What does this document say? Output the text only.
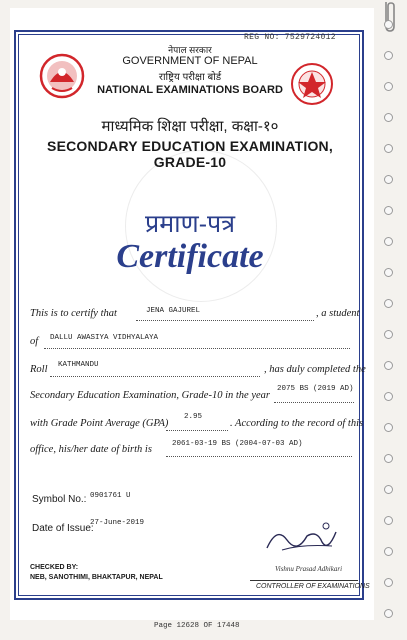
REG NO: 7529724012
नेपाल सरकार
GOVERNMENT OF NEPAL
राष्ट्रिय परीक्षा बोर्ड
NATIONAL EXAMINATIONS BOARD
माध्यमिक शिक्षा परीक्षा, कक्षा-१०
SECONDARY EDUCATION EXAMINATION, GRADE-10
प्रमाण-पत्र
Certificate
This is to certify that	JENA GAJUREL	, a student
of DALLU AWASIYA VIDHYALAYA
Roll KATHMANDU	, has duly completed the
Secondary Education Examination, Grade-10 in the year
2075 BS (2019 AD)
with Grade Point Average (GPA)
2.95
. According to the record of this
office, his/her date of birth is	2061-03-19 BS (2004-07-03 AD)
Symbol No.: 0901761 U
Date of Issue:
27-June-2019
CHECKED BY:
NEB, SANOTHIMI, BHAKTAPUR, NEPAL
Vishnu Prasad Adhikari
CONTROLLER OF EXAMINATIONS
Page 12628 OF 17448
